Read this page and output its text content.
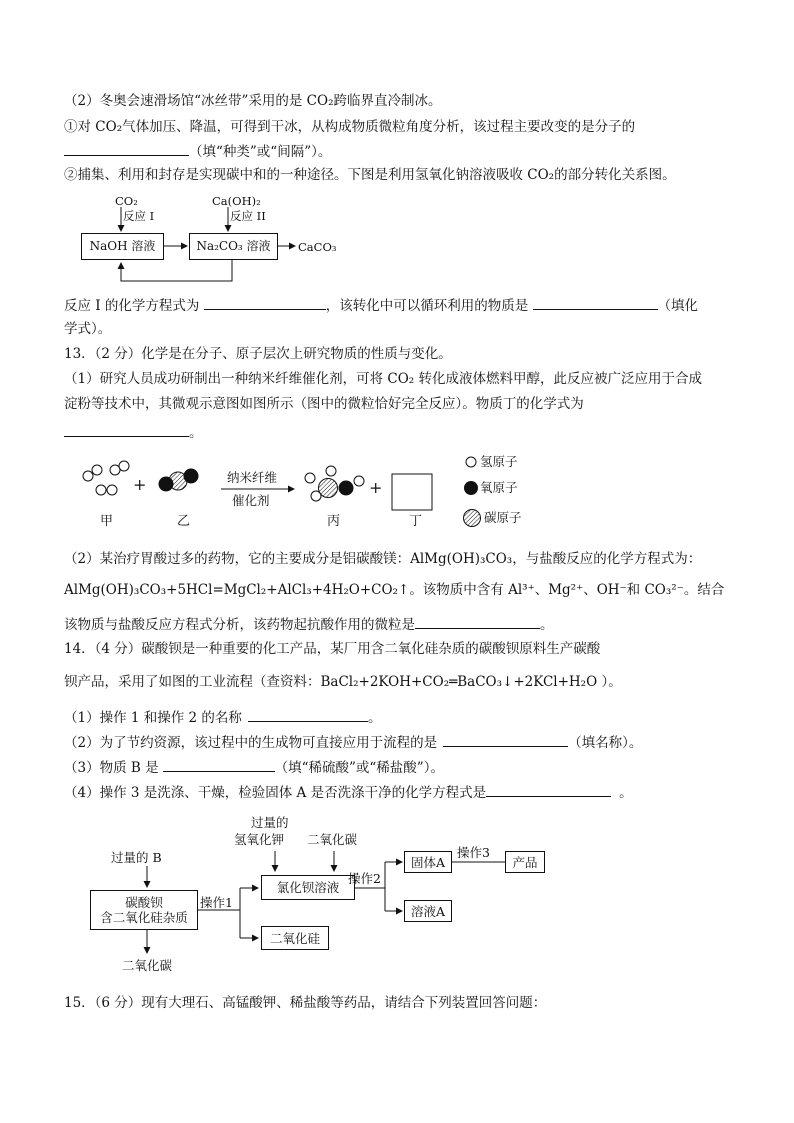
（2）冬奥会速滑场馆“冰丝带”采用的是 CO₂跨临界直冷制冰。
①对 CO₂气体加压、降温，可得到干冰，从构成物质微粒角度分析，该过程主要改变的是分子的
（填“种类”或“间隔”）。
②捕集、利用和封存是实现碳中和的一种途径。下图是利用氢氧化钠溶液吸收 CO₂的部分转化关系图。
CO₂
反应 I
Ca(OH)₂
反应 II
NaOH 溶液	Na₂CO₃ 溶液	CaCO₃
反应 I 的化学方程式为	，该转化中可以循环利用的物质是	（填化
学式）。
13．（2 分）化学是在分子、原子层次上研究物质的性质与变化。
（1）研究人员成功研制出一种纳米纤维催化剂，可将 CO₂ 转化成液体燃料甲醇，此反应被广泛应用于合成
淀粉等技术中，其微观示意图如图所示（图中的微粒恰好完全反应）。物质丁的化学式为
。
+	纳米纤维
催化剂
+
甲	乙	丙	丁
氢原子
氧原子
碳原子
（2）某治疗胃酸过多的药物，它的主要成分是铝碳酸镁：AlMg(OH)₃CO₃，与盐酸反应的化学方程式为：
AlMg(OH)₃CO₃+5HCl=MgCl₂+AlCl₃+4H₂O+CO₂↑。该物质中含有 Al³⁺、Mg²⁺、OH⁻和 CO₃²⁻。结合
该物质与盐酸反应方程式分析，该药物起抗酸作用的微粒是	。
14．（4 分）碳酸钡是一种重要的化工产品，某厂用含二氧化硅杂质的碳酸钡原料生产碳酸
钡产品，采用了如图的工业流程（查资料：BaCl₂+2KOH+CO₂═BaCO₃↓+2KCl+H₂O ）。
（1）操作 1 和操作 2 的名称	。
（2）为了节约资源，该过程中的生成物可直接应用于流程的是	（填名称）。
（3）物质 B 是	（填“稀硫酸”或“稀盐酸”）。
（4）操作 3 是洗涤、干燥，检验固体 A 是否洗涤干净的化学方程式是	。
过量的 B
过量的
氢氧化钾 二氧化碳
碳酸钡
含二氧化硅杂质
操作1
氯化钡溶液
操作2
固体A
操作3
产品
溶液A
二氧化硅
二氧化碳
15．（6 分）现有大理石、高锰酸钾、稀盐酸等药品，请结合下列装置回答问题：
